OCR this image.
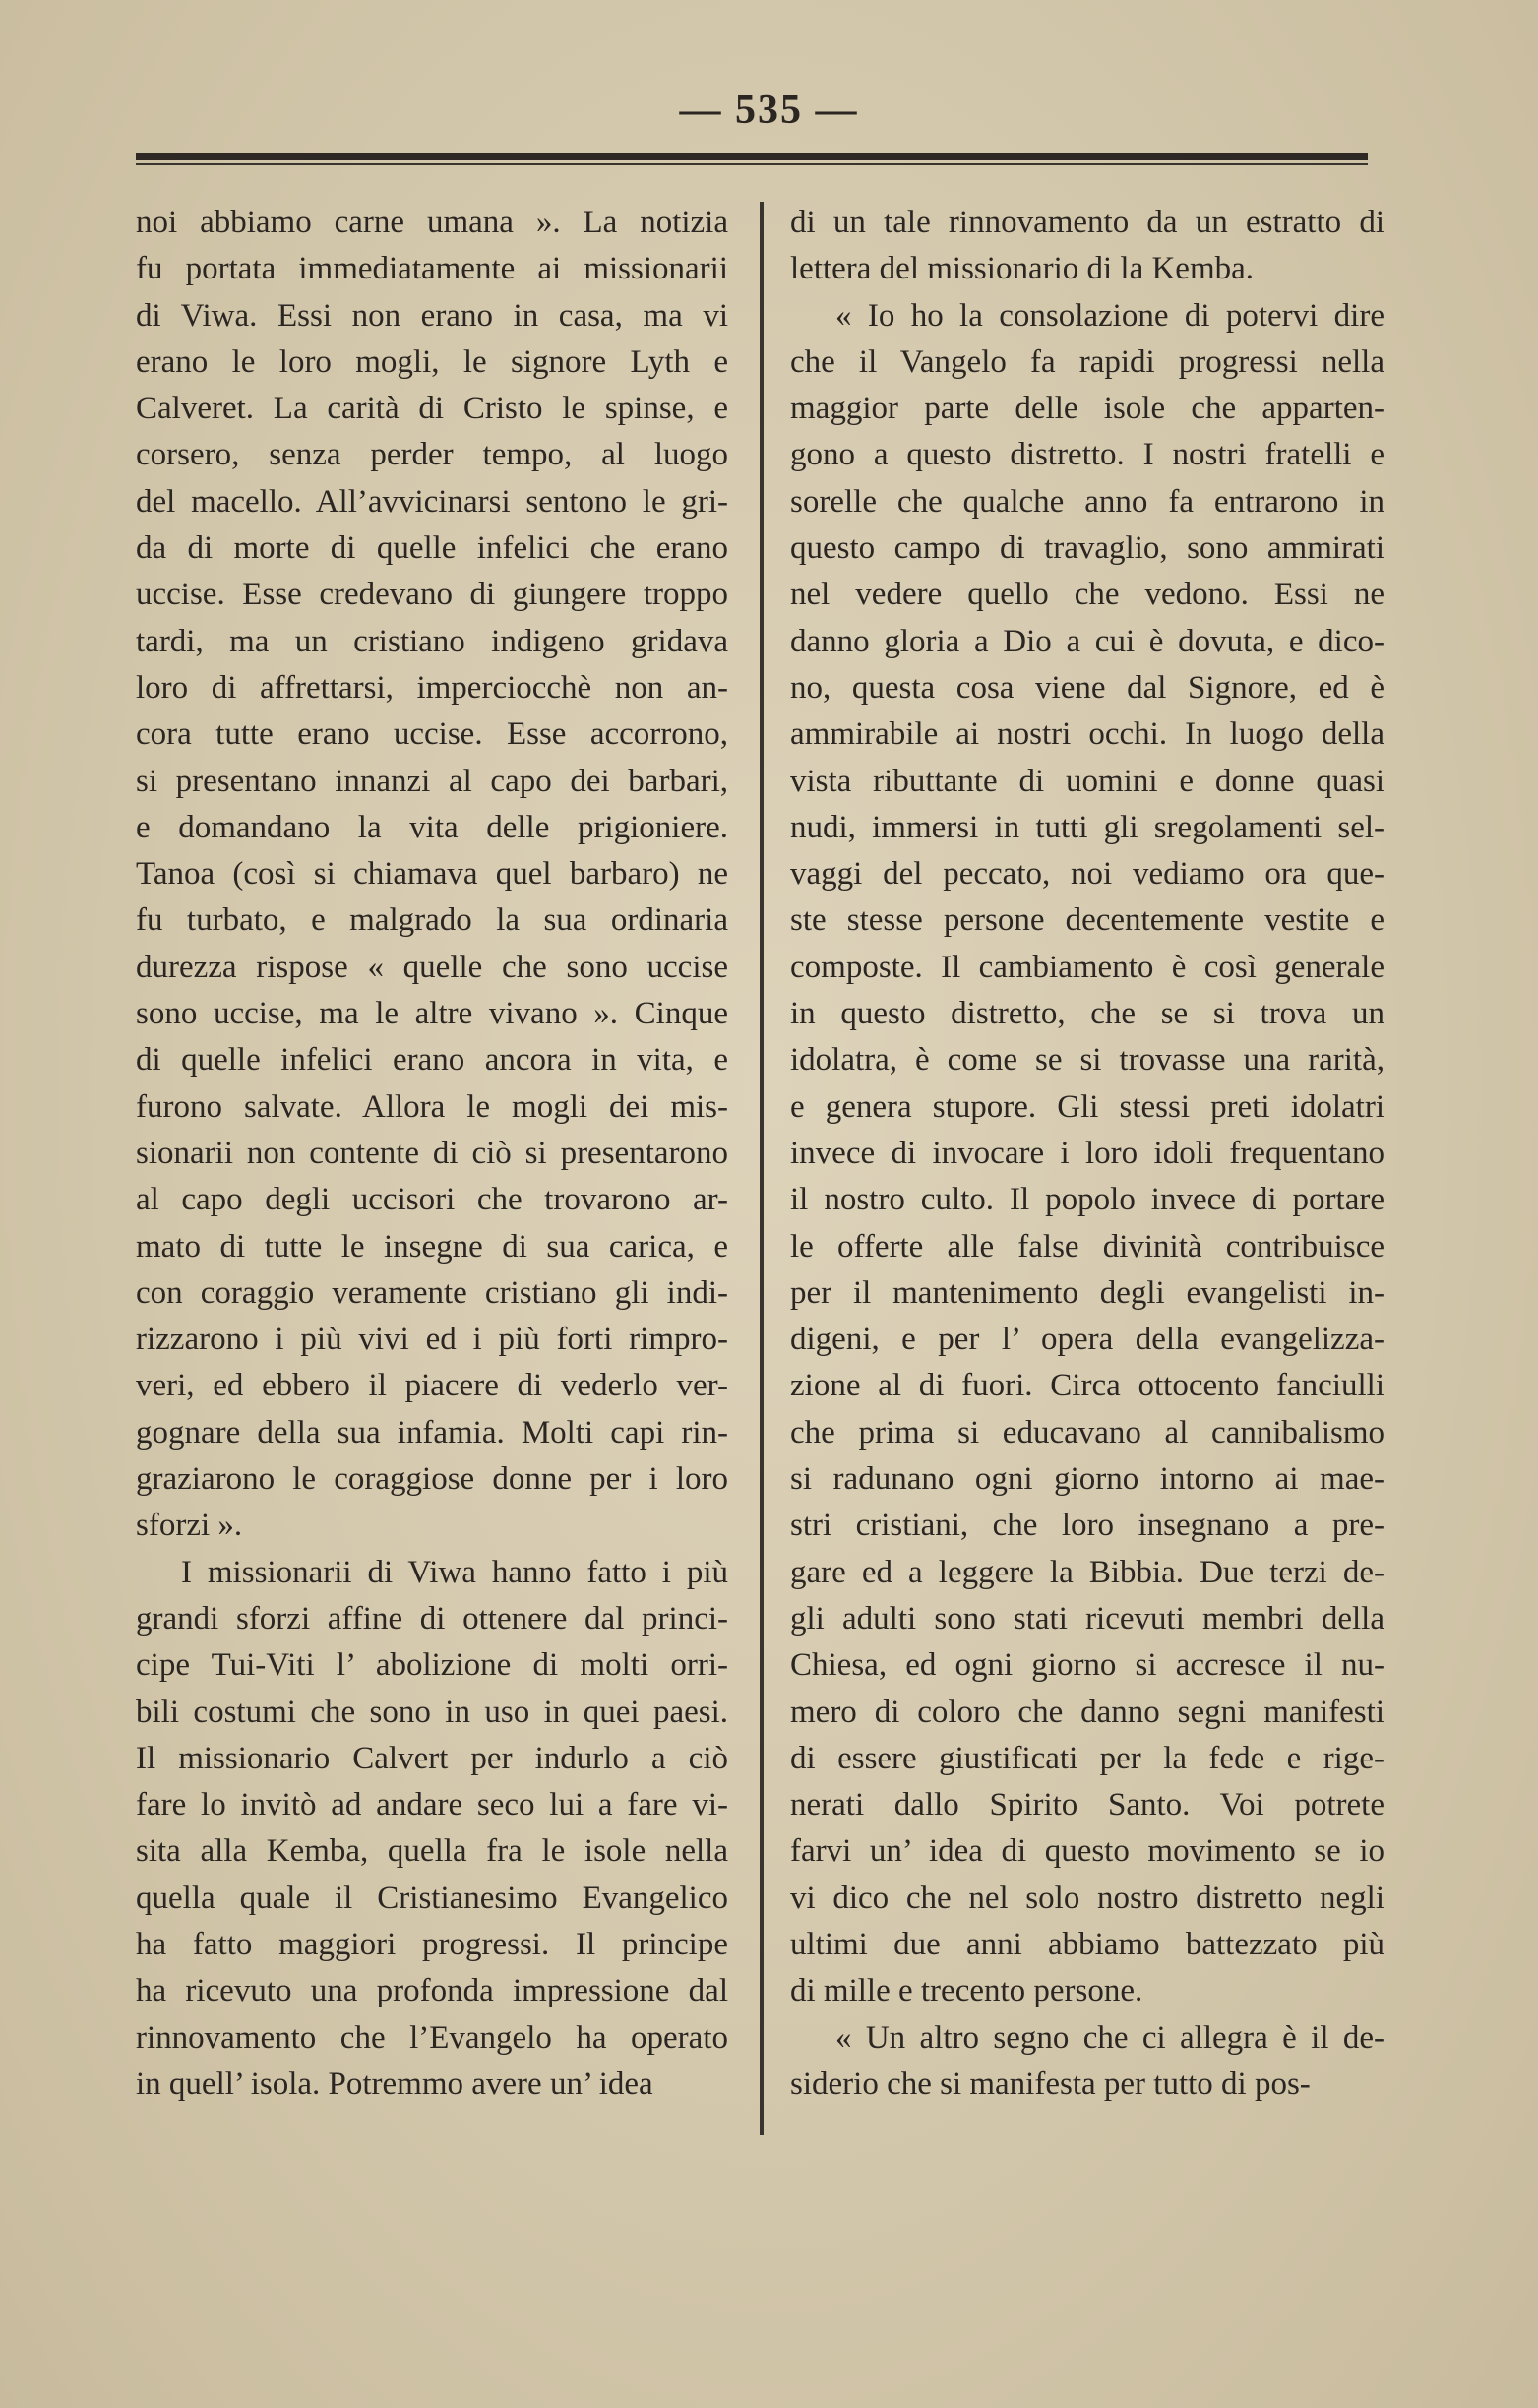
— 535 —
noi abbiamo carne umana ». La notizia
fu portata immediatamente ai missionarii
di Viwa. Essi non erano in casa, ma vi
erano le loro mogli, le signore Lyth e
Calveret. La carità di Cristo le spinse, e
corsero, senza perder tempo, al luogo
del macello. All’avvicinarsi sentono le gri-
da di morte di quelle infelici che erano
uccise. Esse credevano di giungere troppo
tardi, ma un cristiano indigeno gridava
loro di affrettarsi, imperciocchè non an-
cora tutte erano uccise. Esse accorrono,
si presentano innanzi al capo dei barbari,
e domandano la vita delle prigioniere.
Tanoa (così si chiamava quel barbaro) ne
fu turbato, e malgrado la sua ordinaria
durezza rispose « quelle che sono uccise
sono uccise, ma le altre vivano ». Cinque
di quelle infelici erano ancora in vita, e
furono salvate. Allora le mogli dei mis-
sionarii non contente di ciò si presentarono
al capo degli uccisori che trovarono ar-
mato di tutte le insegne di sua carica, e
con coraggio veramente cristiano gli indi-
rizzarono i più vivi ed i più forti rimpro-
veri, ed ebbero il piacere di vederlo ver-
gognare della sua infamia. Molti capi rin-
graziarono le coraggiose donne per i loro
sforzi ».
I missionarii di Viwa hanno fatto i più
grandi sforzi affine di ottenere dal princi-
cipe Tui-Viti l’ abolizione di molti orri-
bili costumi che sono in uso in quei paesi.
Il missionario Calvert per indurlo a ciò
fare lo invitò ad andare seco lui a fare vi-
sita alla Kemba, quella fra le isole nella
quella quale il Cristianesimo Evangelico
ha fatto maggiori progressi. Il principe
ha ricevuto una profonda impressione dal
rinnovamento che l’Evangelo ha operato
in quell’ isola. Potremmo avere un’ idea
di un tale rinnovamento da un estratto di
lettera del missionario di la Kemba.
« Io ho la consolazione di potervi dire
che il Vangelo fa rapidi progressi nella
maggior parte delle isole che apparten-
gono a questo distretto. I nostri fratelli e
sorelle che qualche anno fa entrarono in
questo campo di travaglio, sono ammirati
nel vedere quello che vedono. Essi ne
danno gloria a Dio a cui è dovuta, e dico-
no, questa cosa viene dal Signore, ed è
ammirabile ai nostri occhi. In luogo della
vista ributtante di uomini e donne quasi
nudi, immersi in tutti gli sregolamenti sel-
vaggi del peccato, noi vediamo ora que-
ste stesse persone decentemente vestite e
composte. Il cambiamento è così generale
in questo distretto, che se si trova un
idolatra, è come se si trovasse una rarità,
e genera stupore. Gli stessi preti idolatri
invece di invocare i loro idoli frequentano
il nostro culto. Il popolo invece di portare
le offerte alle false divinità contribuisce
per il mantenimento degli evangelisti in-
digeni, e per l’ opera della evangelizza-
zione al di fuori. Circa ottocento fanciulli
che prima si educavano al cannibalismo
si radunano ogni giorno intorno ai mae-
stri cristiani, che loro insegnano a pre-
gare ed a leggere la Bibbia. Due terzi de-
gli adulti sono stati ricevuti membri della
Chiesa, ed ogni giorno si accresce il nu-
mero di coloro che danno segni manifesti
di essere giustificati per la fede e rige-
nerati dallo Spirito Santo. Voi potrete
farvi un’ idea di questo movimento se io
vi dico che nel solo nostro distretto negli
ultimi due anni abbiamo battezzato più
di mille e trecento persone.
« Un altro segno che ci allegra è il de-
siderio che si manifesta per tutto di pos-
